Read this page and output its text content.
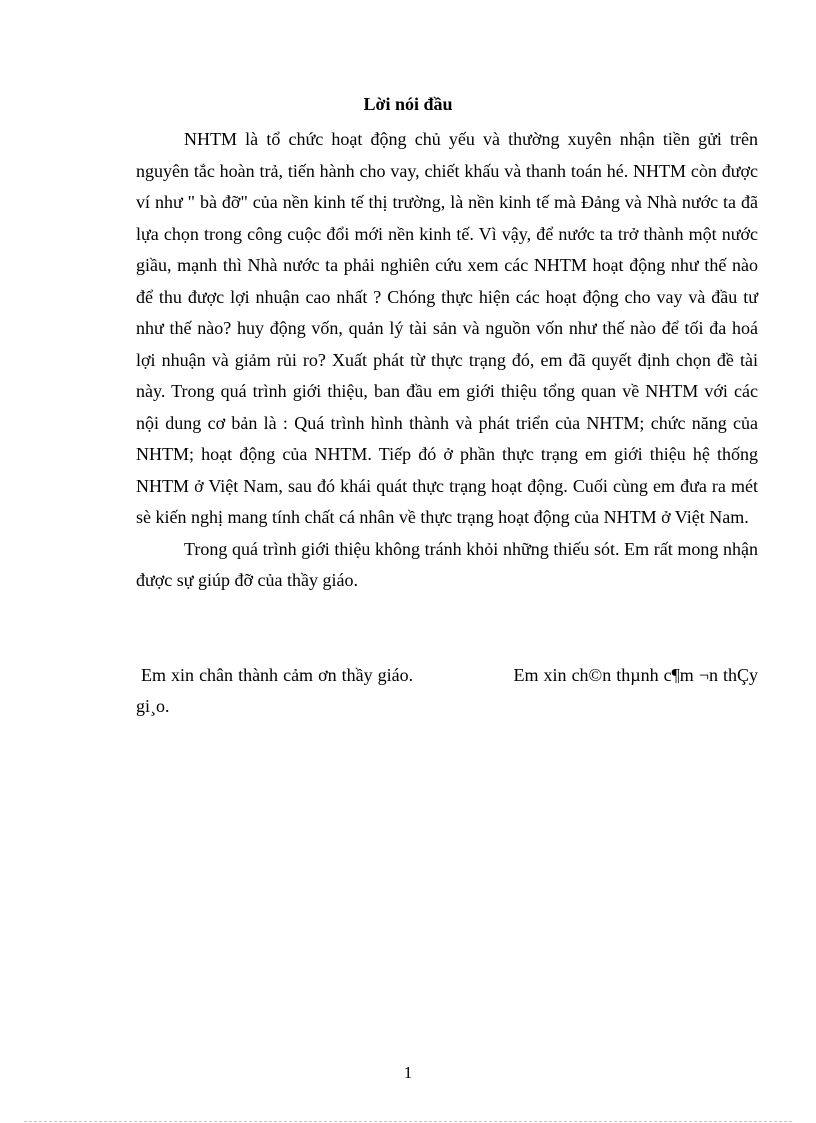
Lời nói đầu

NHTM là tổ chức hoạt động chủ yếu và thường xuyên nhận tiền gửi trên nguyên tắc hoàn trả, tiến hành cho vay, chiết khấu và thanh toán hé. NHTM còn được ví như " bà đỡ" của nền kinh tế thị trường, là nền kinh tế mà Đảng và Nhà nước ta đã lựa chọn trong công cuộc đổi mới nền kinh tế. Vì vậy, để nước ta trở thành một nước giầu, mạnh thì Nhà nước ta phải nghiên cứu xem các NHTM hoạt động như thế nào để thu được lợi nhuận cao nhất ? Chóng thực hiện các hoạt động cho vay và đầu tư như thế nào? huy động vốn, quản lý tài sản và nguồn vốn như thế nào để tối đa hoá lợi nhuận và giảm rủi ro? Xuất phát từ thực trạng đó, em đã quyết định chọn đề tài này. Trong quá trình giới thiệu, ban đầu em giới thiệu tổng quan về NHTM với các nội dung cơ bản là : Quá trình hình thành và phát triển của NHTM; chức năng của NHTM; hoạt động của NHTM. Tiếp đó ở phần thực trạng em giới thiệu hệ thống NHTM ở Việt Nam, sau đó khái quát thực trạng hoạt động. Cuối cùng em đưa ra mét sè kiến nghị mang tính chất cá nhân về thực trạng hoạt động của NHTM ở Việt Nam.

Trong quá trình giới thiệu không tránh khỏi những thiếu sót. Em rất mong nhận được sự giúp đỡ của thầy giáo.

Em xin chân thành cảm ơn thầy giáo.                    Em xin ch©n thµnh c¶m ¬n thÇy gi¸o.
1
